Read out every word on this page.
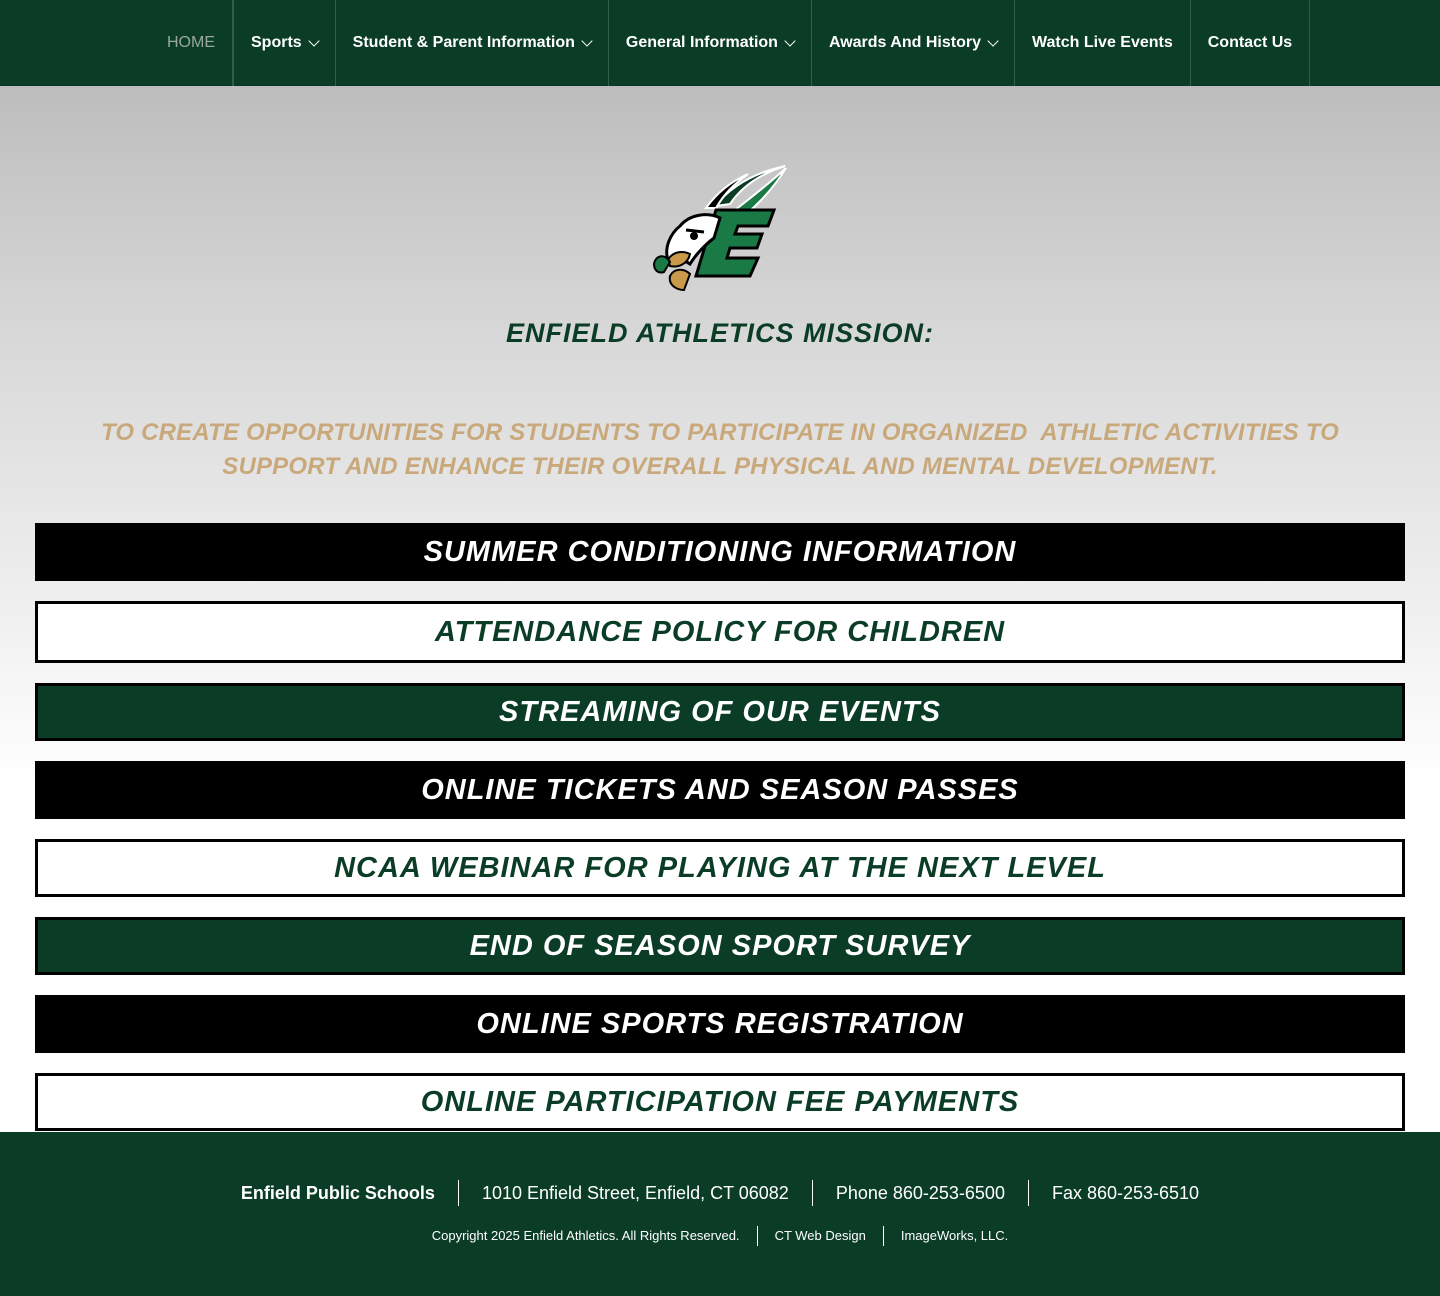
HOME Sports	Student & Parent Information	General Information	Awards And History	Watch Live Events Contact Us
ENFIELD ATHLETICS MISSION:
TO CREATE OPPORTUNITIES FOR STUDENTS TO PARTICIPATE IN ORGANIZED  ATHLETIC ACTIVITIES TO
SUPPORT AND ENHANCE THEIR OVERALL PHYSICAL AND MENTAL DEVELOPMENT.
SUMMER CONDITIONING INFORMATION
ATTENDANCE POLICY FOR CHILDREN
STREAMING OF OUR EVENTS
ONLINE TICKETS AND SEASON PASSES
NCAA WEBINAR FOR PLAYING AT THE NEXT LEVEL
END OF SEASON SPORT SURVEY
ONLINE SPORTS REGISTRATION
ONLINE PARTICIPATION FEE PAYMENTS
Enfield Public Schools	1010 Enfield Street, Enfield, CT 06082	Phone 860-253-6500	Fax 860-253-6510
Copyright 2025 Enfield Athletics. All Rights Reserved.	CT Web Design	ImageWorks, LLC.
